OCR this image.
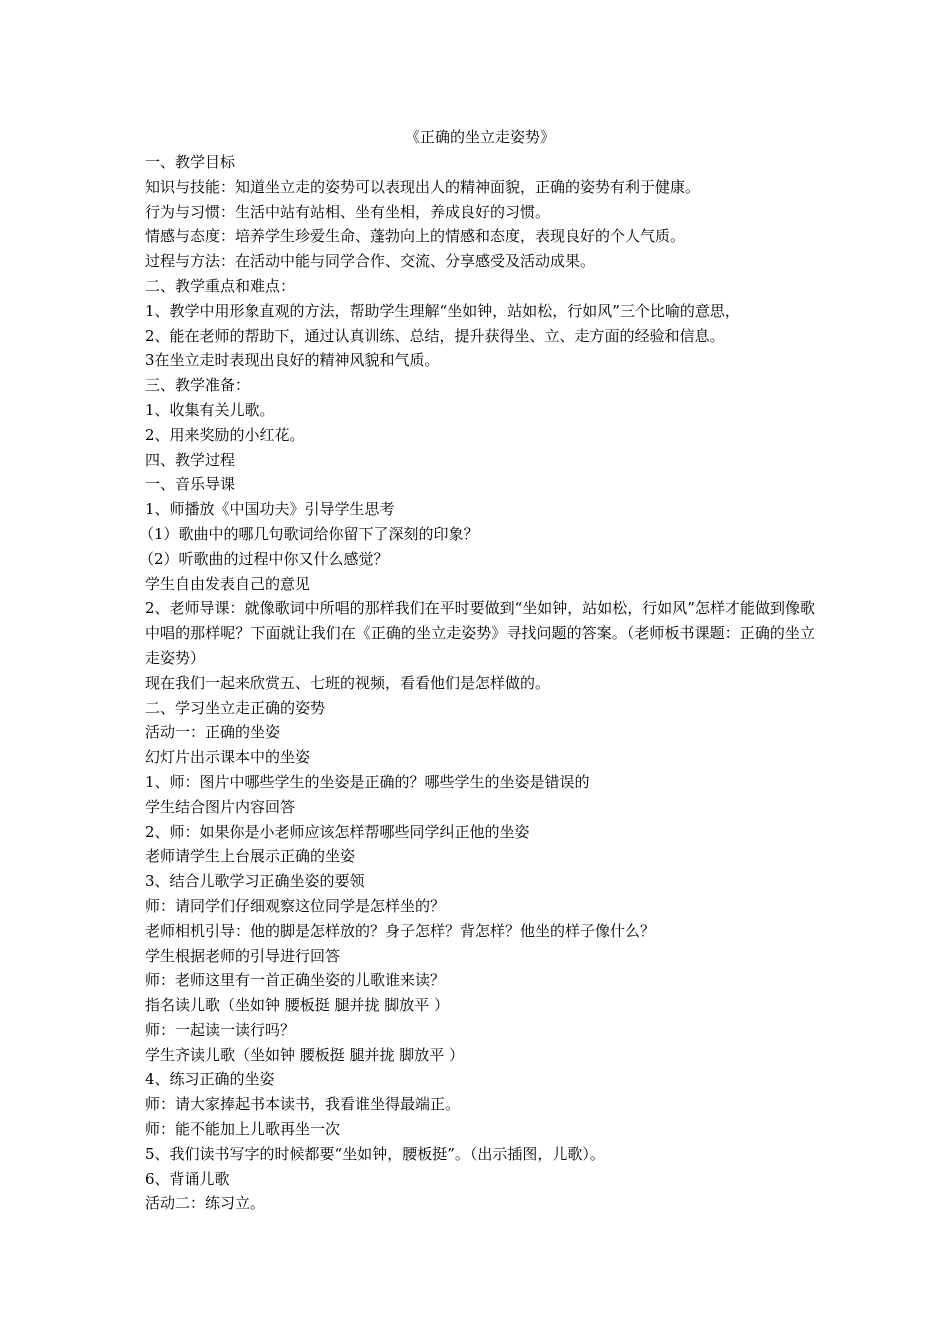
《正确的坐立走姿势》

一、教学目标

知识与技能：知道坐立走的姿势可以表现出人的精神面貌，正确的姿势有利于健康。

行为与习惯：生活中站有站相、坐有坐相，养成良好的习惯。

情感与态度：培养学生珍爱生命、蓬勃向上的情感和态度，表现良好的个人气质。

过程与方法：在活动中能与同学合作、交流、分享感受及活动成果。

二、教学重点和难点：

1、教学中用形象直观的方法，帮助学生理解“坐如钟，站如松，行如风”三个比喻的意思，

2、能在老师的帮助下，通过认真训练、总结，提升获得坐、立、走方面的经验和信息。

3在坐立走时表现出良好的精神风貌和气质。

三、教学准备：

1、收集有关儿歌。

2、用来奖励的小红花。

四、教学过程

一、音乐导课

1、师播放《中国功夫》引导学生思考

（1）歌曲中的哪几句歌词给你留下了深刻的印象？

（2）听歌曲的过程中你又什么感觉？

学生自由发表自己的意见

2、老师导课：就像歌词中所唱的那样我们在平时要做到“坐如钟，站如松，行如风”怎样才能做到像歌中唱的那样呢？下面就让我们在《正确的坐立走姿势》寻找问题的答案。（老师板书课题：正确的坐立走姿势）

现在我们一起来欣赏五、七班的视频，看看他们是怎样做的。

二、学习坐立走正确的姿势

活动一：正确的坐姿

幻灯片出示课本中的坐姿

1、师：图片中哪些学生的坐姿是正确的？哪些学生的坐姿是错误的

学生结合图片内容回答

2、师：如果你是小老师应该怎样帮哪些同学纠正他的坐姿

老师请学生上台展示正确的坐姿

3、结合儿歌学习正确坐姿的要领

师：请同学们仔细观察这位同学是怎样坐的？

老师相机引导：他的脚是怎样放的？身子怎样？背怎样？他坐的样子像什么？

学生根据老师的引导进行回答

师：老师这里有一首正确坐姿的儿歌谁来读？

指名读儿歌（坐如钟 腰板挺 腿并拢 脚放平 ）

师：一起读一读行吗？

学生齐读儿歌（坐如钟 腰板挺 腿并拢 脚放平 ）

4、练习正确的坐姿

师：请大家捧起书本读书，我看谁坐得最端正。

师：能不能加上儿歌再坐一次

5、我们读书写字的时候都要“坐如钟，腰板挺”。（出示插图，儿歌）。

6、背诵儿歌

活动二：练习立。
